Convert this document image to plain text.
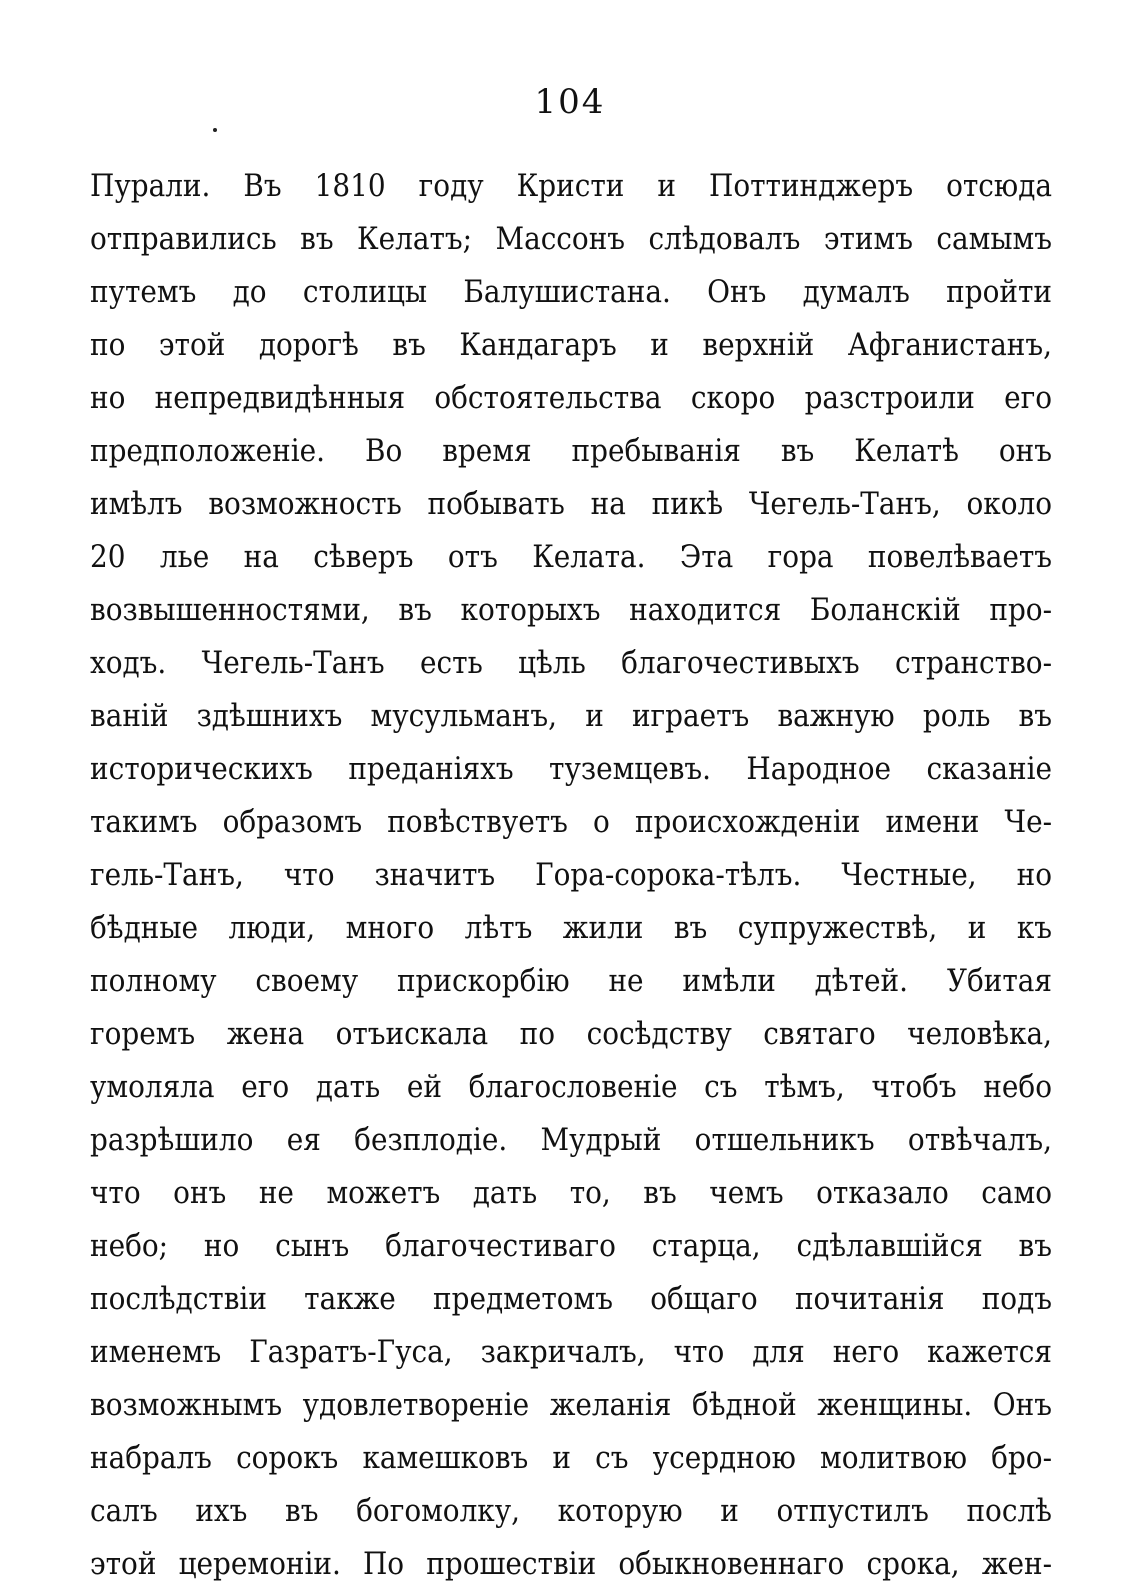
104
Пурали. Въ 1810 году Кристи и Поттинджеръ отсюда
отправились въ Келатъ; Массонъ слѣдовалъ этимъ самымъ
путемъ до столицы Балушистана. Онъ думалъ пройти
по этой дорогѣ въ Кандагаръ и верхній Афганистанъ,
но непредвидѣнныя обстоятельства скоро разстроили его
предположеніе. Во время пребыванія въ Келатѣ онъ
имѣлъ возможность побывать на пикѣ Чегель-Танъ, около
20 лье на сѣверъ отъ Келата. Эта гора повелѣваетъ
возвышенностями, въ которыхъ находится Боланскій про-
ходъ. Чегель-Танъ есть цѣль благочестивыхъ странство-
ваній здѣшнихъ мусульманъ, и играетъ важную роль въ
историческихъ преданіяхъ туземцевъ. Народное сказаніе
такимъ образомъ повѣствуетъ о происхожденіи имени Че-
гель-Танъ, что значитъ Гора-сорока-тѣлъ. Честные, но
бѣдные люди, много лѣтъ жили въ супружествѣ, и къ
полному своему прискорбію не имѣли дѣтей. Убитая
горемъ жена отъискала по сосѣдству святаго человѣка,
умоляла его дать ей благословеніе съ тѣмъ, чтобъ небо
разрѣшило ея безплодіе. Мудрый отшельникъ отвѣчалъ,
что онъ не можетъ дать то, въ чемъ отказало само
небо; но сынъ благочестиваго старца, сдѣлавшійся въ
послѣдствіи также предметомъ общаго почитанія подъ
именемъ Газратъ-Гуса, закричалъ, что для него кажется
возможнымъ удовлетвореніе желанія бѣдной женщины. Онъ
набралъ сорокъ камешковъ и съ усердною молитвою бро-
салъ ихъ въ богомолку, которую и отпустилъ послѣ
этой церемоніи. По прошествіи обыкновеннаго срока, жен-
